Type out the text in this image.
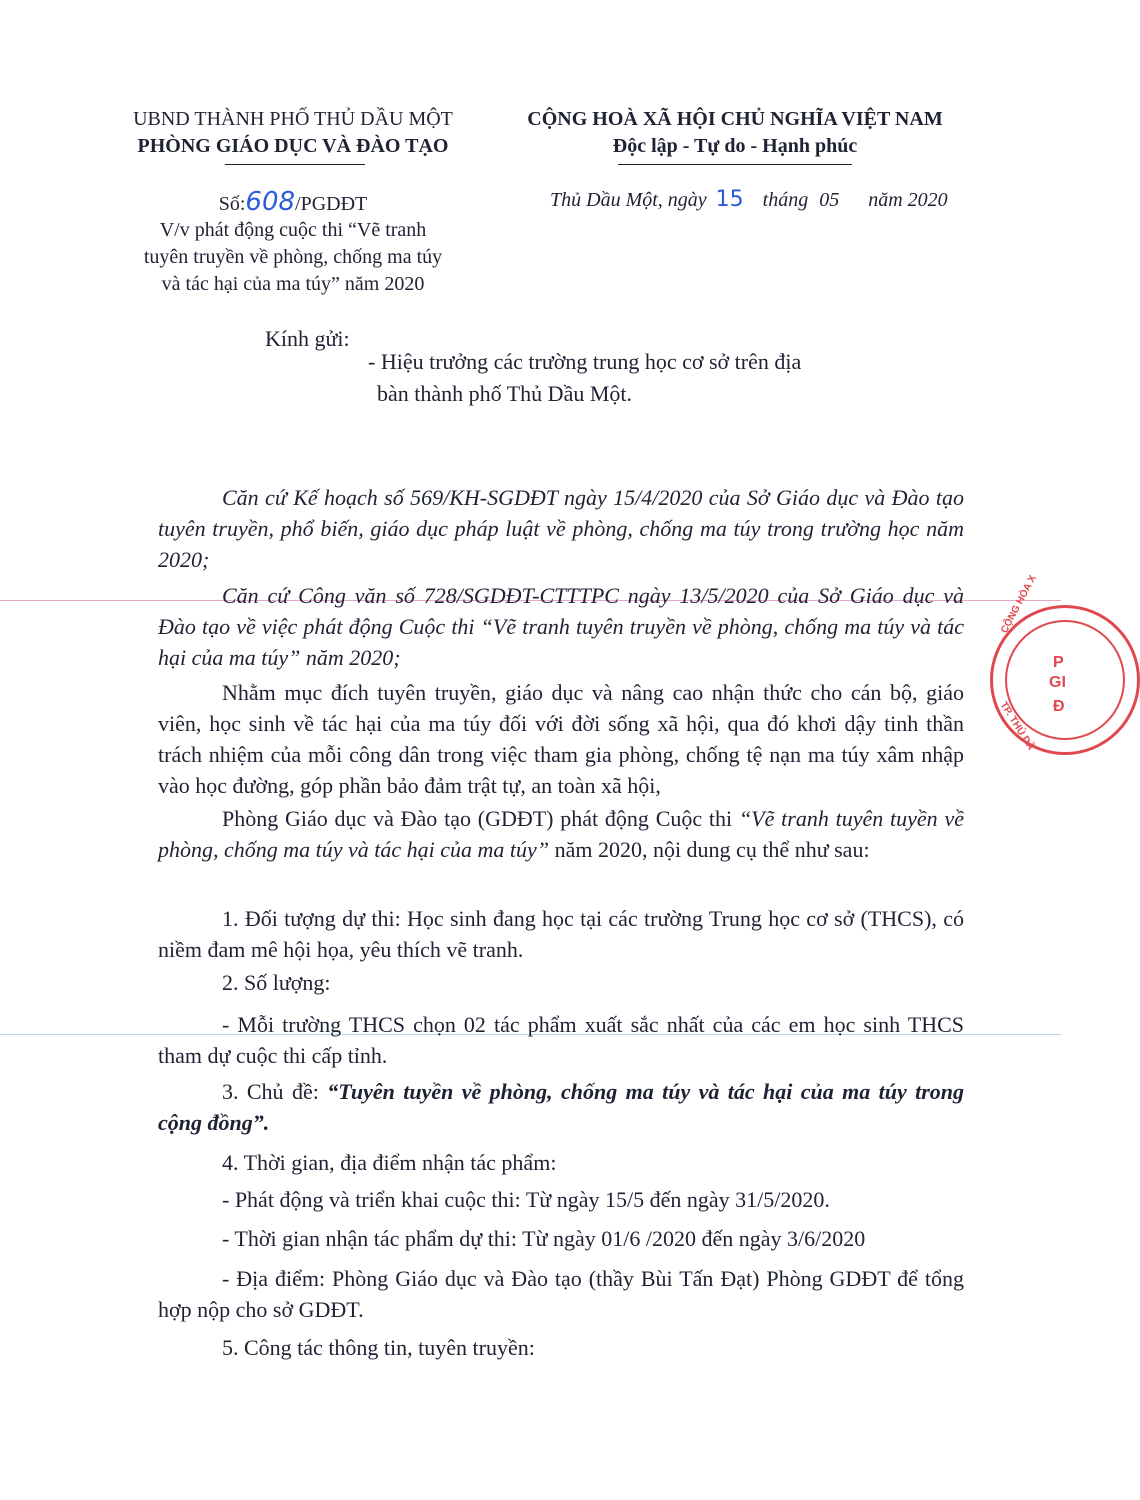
UBND THÀNH PHỐ THỦ DẦU MỘT
PHÒNG GIÁO DỤC VÀ ĐÀO TẠO
CỘNG HOÀ XÃ HỘI CHỦ NGHĨA VIỆT NAM
Độc lập - Tự do - Hạnh phúc
Số:608/PGDĐT
V/v phát động cuộc thi “Vẽ tranh
tuyên truyền về phòng, chống ma túy
và tác hại của ma túy” năm 2020
Thủ Dầu Một, ngày 15 tháng 05 năm 2020
Kính gửi:
- Hiệu trưởng các trường trung học cơ sở trên địa
bàn thành phố Thủ Dầu Một.
Căn cứ Kế hoạch số 569/KH-SGDĐT ngày 15/4/2020 của Sở Giáo dục và Đào tạo tuyên truyền, phổ biến, giáo dục pháp luật về phòng, chống ma túy trong trường học năm 2020;
Căn cứ Công văn số 728/SGDĐT-CTTTPC ngày 13/5/2020 của Sở Giáo dục và Đào tạo về việc phát động Cuộc thi “Vẽ tranh tuyên truyền về phòng, chống ma túy và tác hại của ma túy” năm 2020;
Nhằm mục đích tuyên truyền, giáo dục và nâng cao nhận thức cho cán bộ, giáo viên, học sinh về tác hại của ma túy đối với đời sống xã hội, qua đó khơi dậy tinh thần trách nhiệm của mỗi công dân trong việc tham gia phòng, chống tệ nạn ma túy xâm nhập vào học đường, góp phần bảo đảm trật tự, an toàn xã hội,
Phòng Giáo dục và Đào tạo (GDĐT) phát động Cuộc thi “Vẽ tranh tuyên tuyền về phòng, chống ma túy và tác hại của ma túy” năm 2020, nội dung cụ thể như sau:
1. Đối tượng dự thi: Học sinh đang học tại các trường Trung học cơ sở (THCS), có niềm đam mê hội họa, yêu thích vẽ tranh.
2. Số lượng:
- Mỗi trường THCS chọn 02 tác phẩm xuất sắc nhất của các em học sinh THCS tham dự cuộc thi cấp tỉnh.
3. Chủ đề: “Tuyên tuyền về phòng, chống ma túy và tác hại của ma túy trong cộng đồng”.
4. Thời gian, địa điểm nhận tác phẩm:
- Phát động và triển khai cuộc thi: Từ ngày 15/5 đến ngày 31/5/2020.
- Thời gian nhận tác phẩm dự thi: Từ ngày 01/6 /2020 đến ngày 3/6/2020
- Địa điểm: Phòng Giáo dục và Đào tạo (thầy Bùi Tấn Đạt) Phòng GDĐT để tổng hợp nộp cho sở GDĐT.
5. Công tác thông tin, tuyên truyền:
CỘNG HÒA X
TP. THỦ DẦ
P
GI
Đ
